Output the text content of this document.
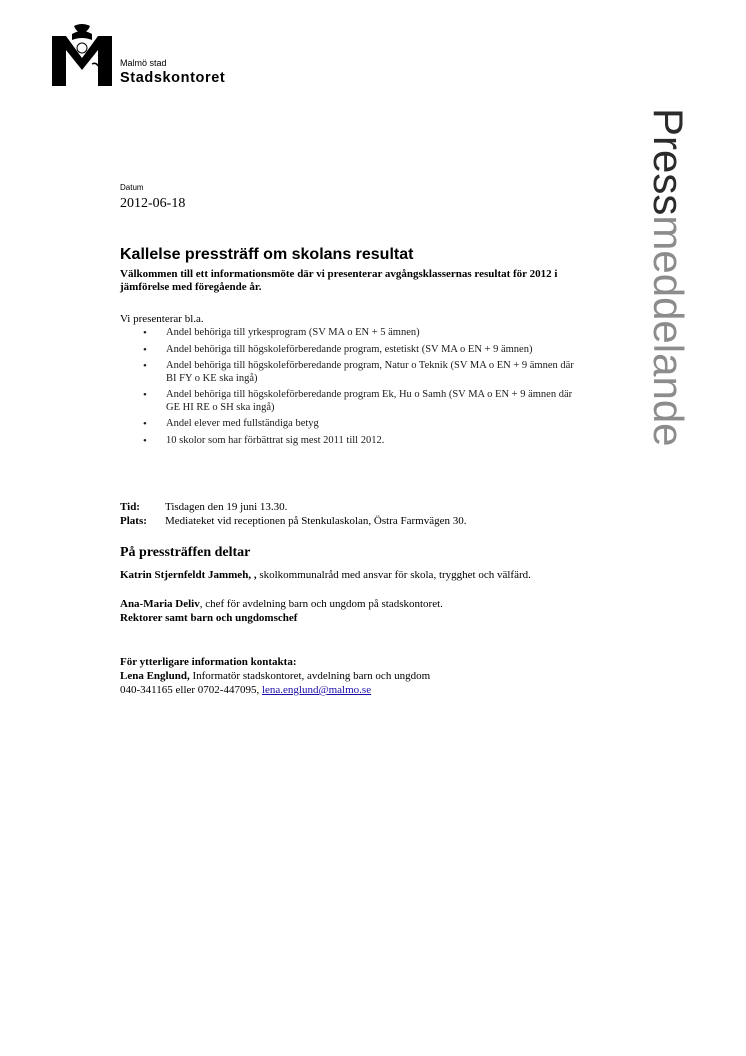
Malmö stad
Stadskontoret
Pressmeddelande
Datum
2012-06-18
Kallelse pressträff om skolans resultat
Välkommen till ett informationsmöte där vi presenterar avgångsklassernas resultat för 2012 i jämförelse med föregående år.
Vi presenterar bl.a.
• Andel behöriga till yrkesprogram (SV MA o EN + 5 ämnen)
• Andel behöriga till högskoleförberedande program, estetiskt (SV MA o EN + 9 ämnen)
• Andel behöriga till högskoleförberedande program, Natur o Teknik (SV MA o EN + 9 ämnen där BI FY o KE ska ingå)
• Andel behöriga till högskoleförberedande program Ek, Hu o Samh (SV MA o EN + 9 ämnen där GE HI RE o SH ska ingå)
• Andel elever med fullständiga betyg
• 10 skolor som har förbättrat sig mest 2011 till 2012.
Tid: Tisdagen den 19 juni 13.30.
Plats: Mediateket vid receptionen på Stenkulaskolan, Östra Farmvägen 30.
På pressträffen deltar
Katrin Stjernfeldt Jammeh, , skolkommunalråd med ansvar för skola, trygghet och välfärd.
Ana-Maria Deliv, chef för avdelning barn och ungdom på stadskontoret.
Rektorer samt barn och ungdomschef
För ytterligare information kontakta:
Lena Englund, Informatör stadskontoret, avdelning barn och ungdom
040-341165 eller 0702-447095, lena.englund@malmo.se
